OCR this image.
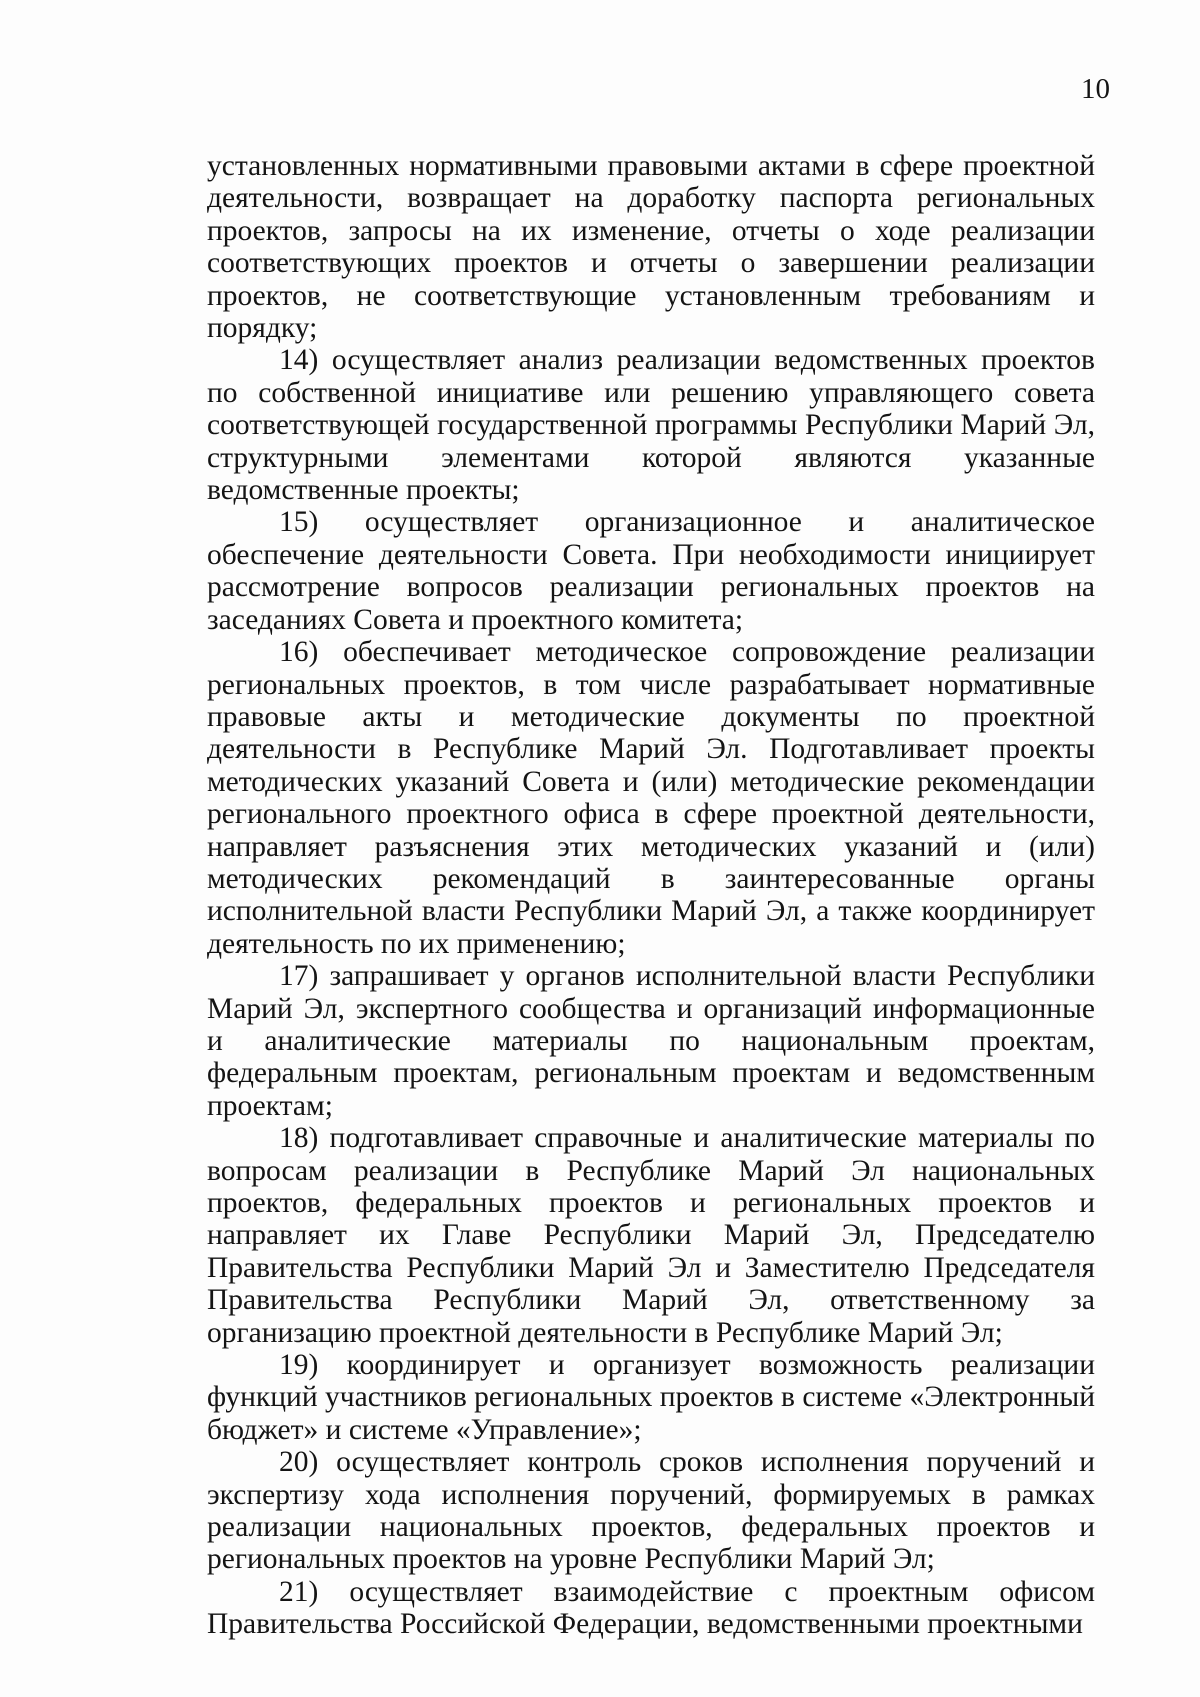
10

установленных нормативными правовыми актами в сфере проектной деятельности, возвращает на доработку паспорта региональных проектов, запросы на их изменение, отчеты о ходе реализации соответствующих проектов и отчеты о завершении реализации проектов, не соответствующие установленным требованиям и порядку;

14) осуществляет анализ реализации ведомственных проектов по собственной инициативе или решению управляющего совета соответствующей государственной программы Республики Марий Эл, структурными элементами которой являются указанные ведомственные проекты;

15) осуществляет организационное и аналитическое обеспечение деятельности Совета. При необходимости инициирует рассмотрение вопросов реализации региональных проектов на заседаниях Совета и проектного комитета;

16) обеспечивает методическое сопровождение реализации региональных проектов, в том числе разрабатывает нормативные правовые акты и методические документы по проектной деятельности в Республике Марий Эл. Подготавливает проекты методических указаний Совета и (или) методические рекомендации регионального проектного офиса в сфере проектной деятельности, направляет разъяснения этих методических указаний и (или) методических рекомендаций в заинтересованные органы исполнительной власти Республики Марий Эл, а также координирует деятельность по их применению;

17) запрашивает у органов исполнительной власти Республики Марий Эл, экспертного сообщества и организаций информационные и аналитические материалы по национальным проектам, федеральным проектам, региональным проектам и ведомственным проектам;

18) подготавливает справочные и аналитические материалы по вопросам реализации в Республике Марий Эл национальных проектов, федеральных проектов и региональных проектов и направляет их Главе Республики Марий Эл, Председателю Правительства Республики Марий Эл и Заместителю Председателя Правительства Республики Марий Эл, ответственному за организацию проектной деятельности в Республике Марий Эл;

19) координирует и организует возможность реализации функций участников региональных проектов в системе «Электронный бюджет» и системе «Управление»;

20) осуществляет контроль сроков исполнения поручений и экспертизу хода исполнения поручений, формируемых в рамках реализации национальных проектов, федеральных проектов и региональных проектов на уровне Республики Марий Эл;

21) осуществляет взаимодействие с проектным офисом Правительства Российской Федерации, ведомственными проектными
